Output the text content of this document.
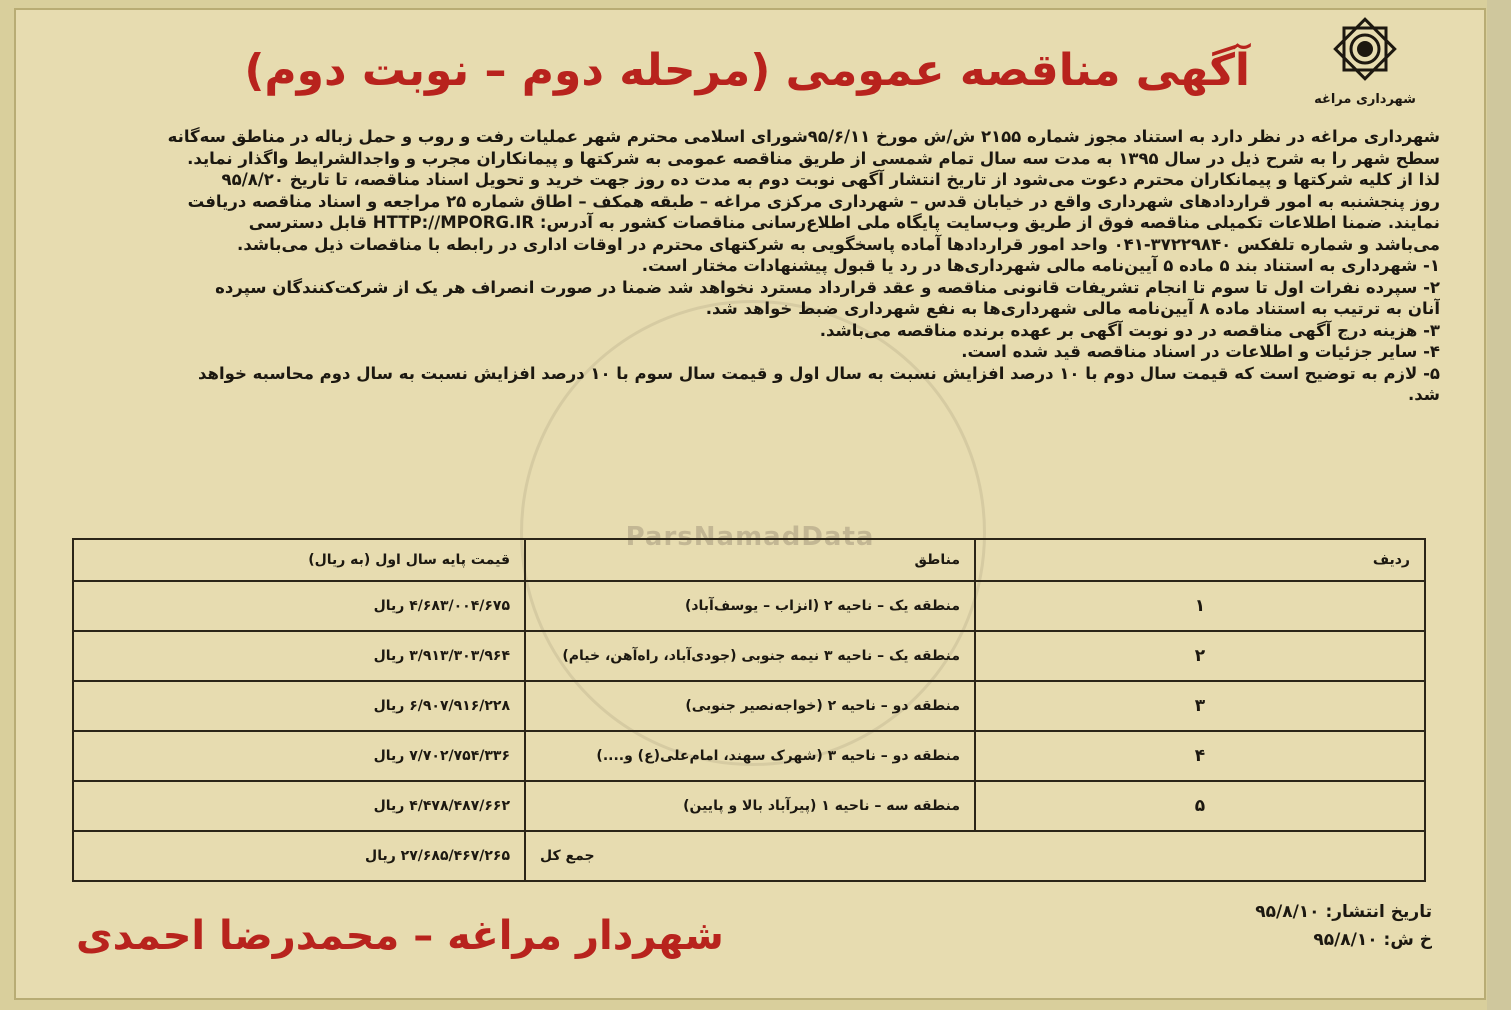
ParsNamadData
شهرداری مراغه
آگهی مناقصه عمومی (مرحله دوم – نوبت دوم)
شهرداری مراغه در نظر دارد به استناد مجوز شماره ۲۱۵۵ ش/ش مورخ ۹۵/۶/۱۱شورای اسلامی محترم شهر عملیات رفت و روب و حمل زباله در مناطق سه‌گانه
سطح شهر را به شرح ذیل در سال ۱۳۹۵ به مدت سه سال تمام شمسی از طریق مناقصه عمومی به شرکتها و پیمانکاران مجرب و واجدالشرایط واگذار نماید.
لذا از کلیه شرکتها و پیمانکاران محترم دعوت می‌شود از تاریخ انتشار آگهی نوبت دوم به مدت ده روز جهت خرید و تحویل اسناد مناقصه، تا تاریخ ۹۵/۸/۲۰
روز پنجشنبه به امور قراردادهای شهرداری واقع در خیابان قدس – شهرداری مرکزی مراغه – طبقه همکف – اطاق شماره ۲۵ مراجعه و اسناد مناقصه دریافت
نمایند. ضمنا اطلاعات تکمیلی مناقصه فوق از طریق وب‌سایت پایگاه ملی اطلاع‌رسانی مناقصات کشور به آدرس: HTTP://MPORG.IR قابل دسترسی
می‌باشد و شماره تلفکس ۳۷۲۲۹۸۴۰-۰۴۱ واحد امور قراردادها آماده پاسخگویی به شرکتهای محترم در اوقات اداری در رابطه با مناقصات ذیل می‌باشد.
۱- شهرداری به استناد بند ۵ ماده ۵ آیین‌نامه مالی شهرداری‌ها در رد یا قبول پیشنهادات مختار است.
۲- سپرده نفرات اول تا سوم تا انجام تشریفات قانونی مناقصه و عقد قرارداد مسترد نخواهد شد ضمنا در صورت انصراف هر یک از شرکت‌کنندگان سپرده
آنان به ترتیب به استناد ماده ۸ آیین‌نامه مالی شهرداری‌ها به نفع شهرداری ضبط خواهد شد.
۳- هزینه درج آگهی مناقصه در دو نوبت آگهی بر عهده برنده مناقصه می‌باشد.
۴- سایر جزئیات و اطلاعات در اسناد مناقصه قید شده است.
۵- لازم به توضیح است که قیمت سال دوم با ۱۰ درصد افزایش نسبت به سال اول و قیمت سال سوم با ۱۰ درصد افزایش نسبت به سال دوم محاسبه خواهد
شد.
ردیف	مناطق	قیمت پایه سال اول (به ریال)
۱	منطقه یک – ناحیه ۲ (انزاب – یوسف‌آباد)	۴/۶۸۳/۰۰۴/۶۷۵ ریال
۲	منطقه یک – ناحیه ۳ نیمه جنوبی (جودی‌آباد، راه‌آهن، خیام)	۳/۹۱۳/۳۰۳/۹۶۴ ریال
۳	منطقه دو – ناحیه ۲ (خواجه‌نصیر جنوبی)	۶/۹۰۷/۹۱۶/۲۲۸ ریال
۴	منطقه دو – ناحیه ۳ (شهرک سهند، امام‌علی(ع) و....)	۷/۷۰۲/۷۵۴/۳۳۶ ریال
۵	منطقه سه – ناحیه ۱ (پیرآباد بالا و پایین)	۴/۴۷۸/۴۸۷/۶۶۲ ریال
جمع کل		۲۷/۶۸۵/۴۶۷/۲۶۵ ریال
تاریخ انتشار: ۹۵/۸/۱۰
خ ش: ۹۵/۸/۱۰
شهردار مراغه – محمدرضا احمدی
